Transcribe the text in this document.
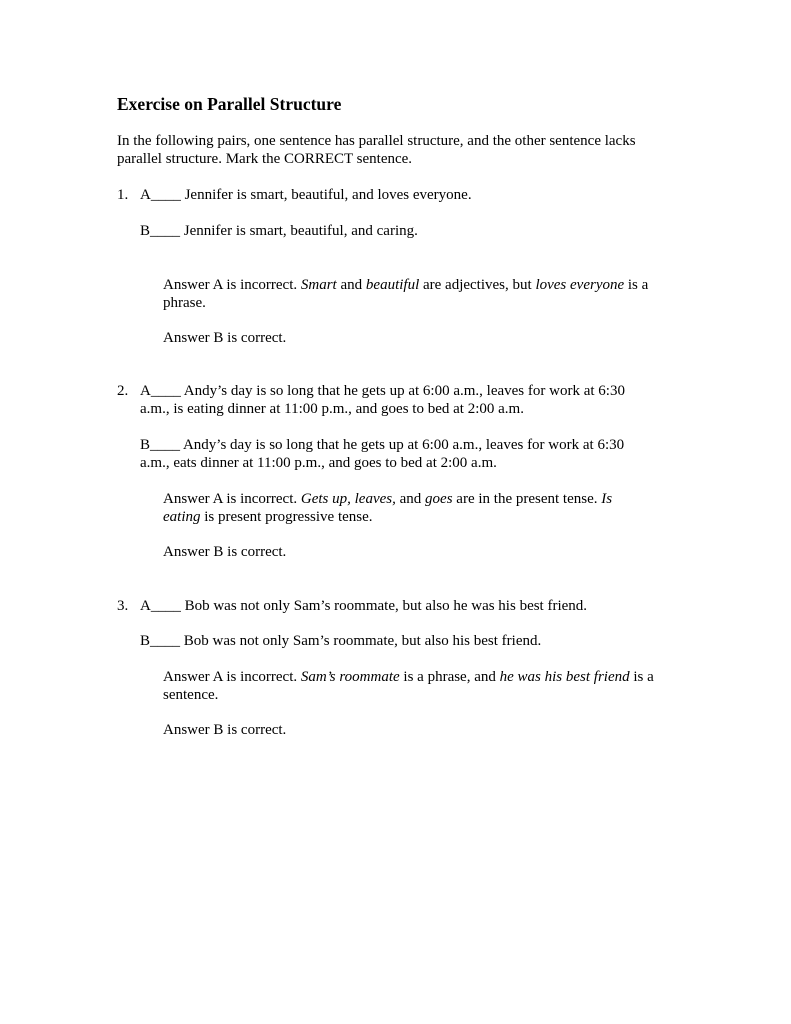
Exercise on Parallel Structure
In the following pairs, one sentence has parallel structure, and the other sentence lacks parallel structure. Mark the CORRECT sentence.
1. A____ Jennifer is smart, beautiful, and loves everyone.
B____ Jennifer is smart, beautiful, and caring.
Answer A is incorrect. Smart and beautiful are adjectives, but loves everyone is a phrase.
Answer B is correct.
2. A____ Andy’s day is so long that he gets up at 6:00 a.m., leaves for work at 6:30 a.m., is eating dinner at 11:00 p.m., and goes to bed at 2:00 a.m.
B____ Andy’s day is so long that he gets up at 6:00 a.m., leaves for work at 6:30 a.m., eats dinner at 11:00 p.m., and goes to bed at 2:00 a.m.
Answer A is incorrect. Gets up, leaves, and goes are in the present tense. Is eating is present progressive tense.
Answer B is correct.
3. A____ Bob was not only Sam’s roommate, but also he was his best friend.
B____ Bob was not only Sam’s roommate, but also his best friend.
Answer A is incorrect. Sam’s roommate is a phrase, and he was his best friend is a sentence.
Answer B is correct.
